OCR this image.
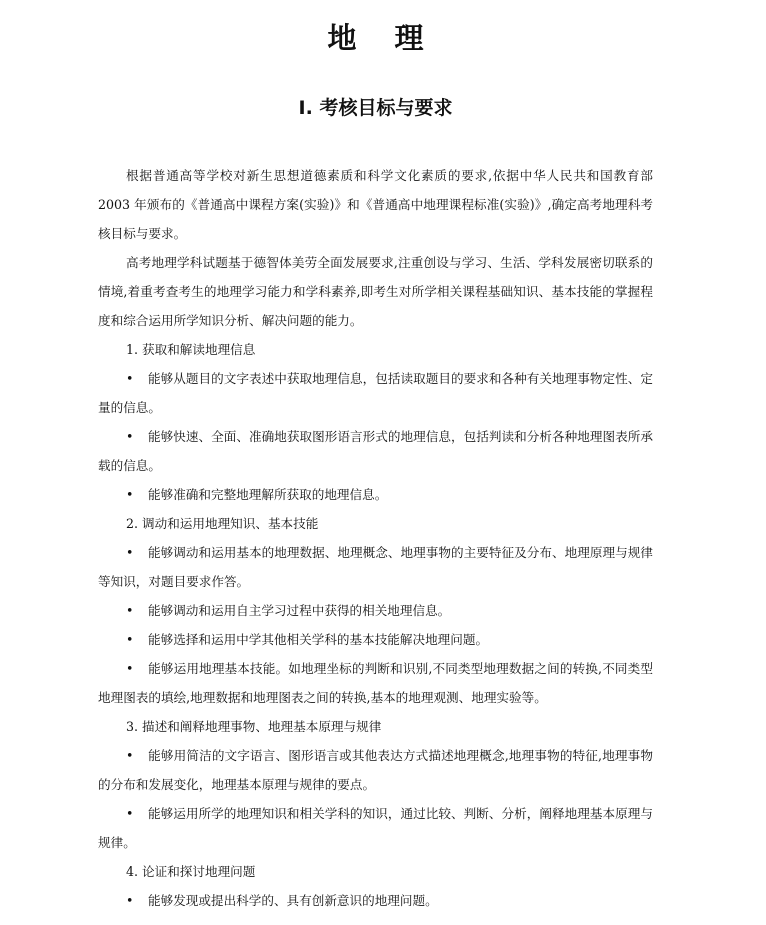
地 理
Ⅰ. 考核目标与要求

根据普通高等学校对新生思想道德素质和科学文化素质的要求,依据中华人民共和国教育部 2003 年颁布的《普通高中课程方案(实验)》和《普通高中地理课程标准(实验)》,确定高考地理科考核目标与要求。

高考地理学科试题基于德智体美劳全面发展要求,注重创设与学习、生活、学科发展密切联系的情境,着重考查考生的地理学习能力和学科素养,即考生对所学相关课程基础知识、基本技能的掌握程度和综合运用所学知识分析、解决问题的能力。

1. 获取和解读地理信息

• 能够从题目的文字表述中获取地理信息，包括读取题目的要求和各种有关地理事物定性、定量的信息。

• 能够快速、全面、准确地获取图形语言形式的地理信息，包括判读和分析各种地理图表所承载的信息。

• 能够准确和完整地理解所获取的地理信息。

2. 调动和运用地理知识、基本技能

• 能够调动和运用基本的地理数据、地理概念、地理事物的主要特征及分布、地理原理与规律等知识，对题目要求作答。

• 能够调动和运用自主学习过程中获得的相关地理信息。

• 能够选择和运用中学其他相关学科的基本技能解决地理问题。

• 能够运用地理基本技能。如地理坐标的判断和识别,不同类型地理数据之间的转换,不同类型地理图表的填绘,地理数据和地理图表之间的转换,基本的地理观测、地理实验等。

3. 描述和阐释地理事物、地理基本原理与规律

• 能够用简洁的文字语言、图形语言或其他表达方式描述地理概念,地理事物的特征,地理事物的分布和发展变化，地理基本原理与规律的要点。

• 能够运用所学的地理知识和相关学科的知识，通过比较、判断、分析，阐释地理基本原理与规律。

4. 论证和探讨地理问题

• 能够发现或提出科学的、具有创新意识的地理问题。
